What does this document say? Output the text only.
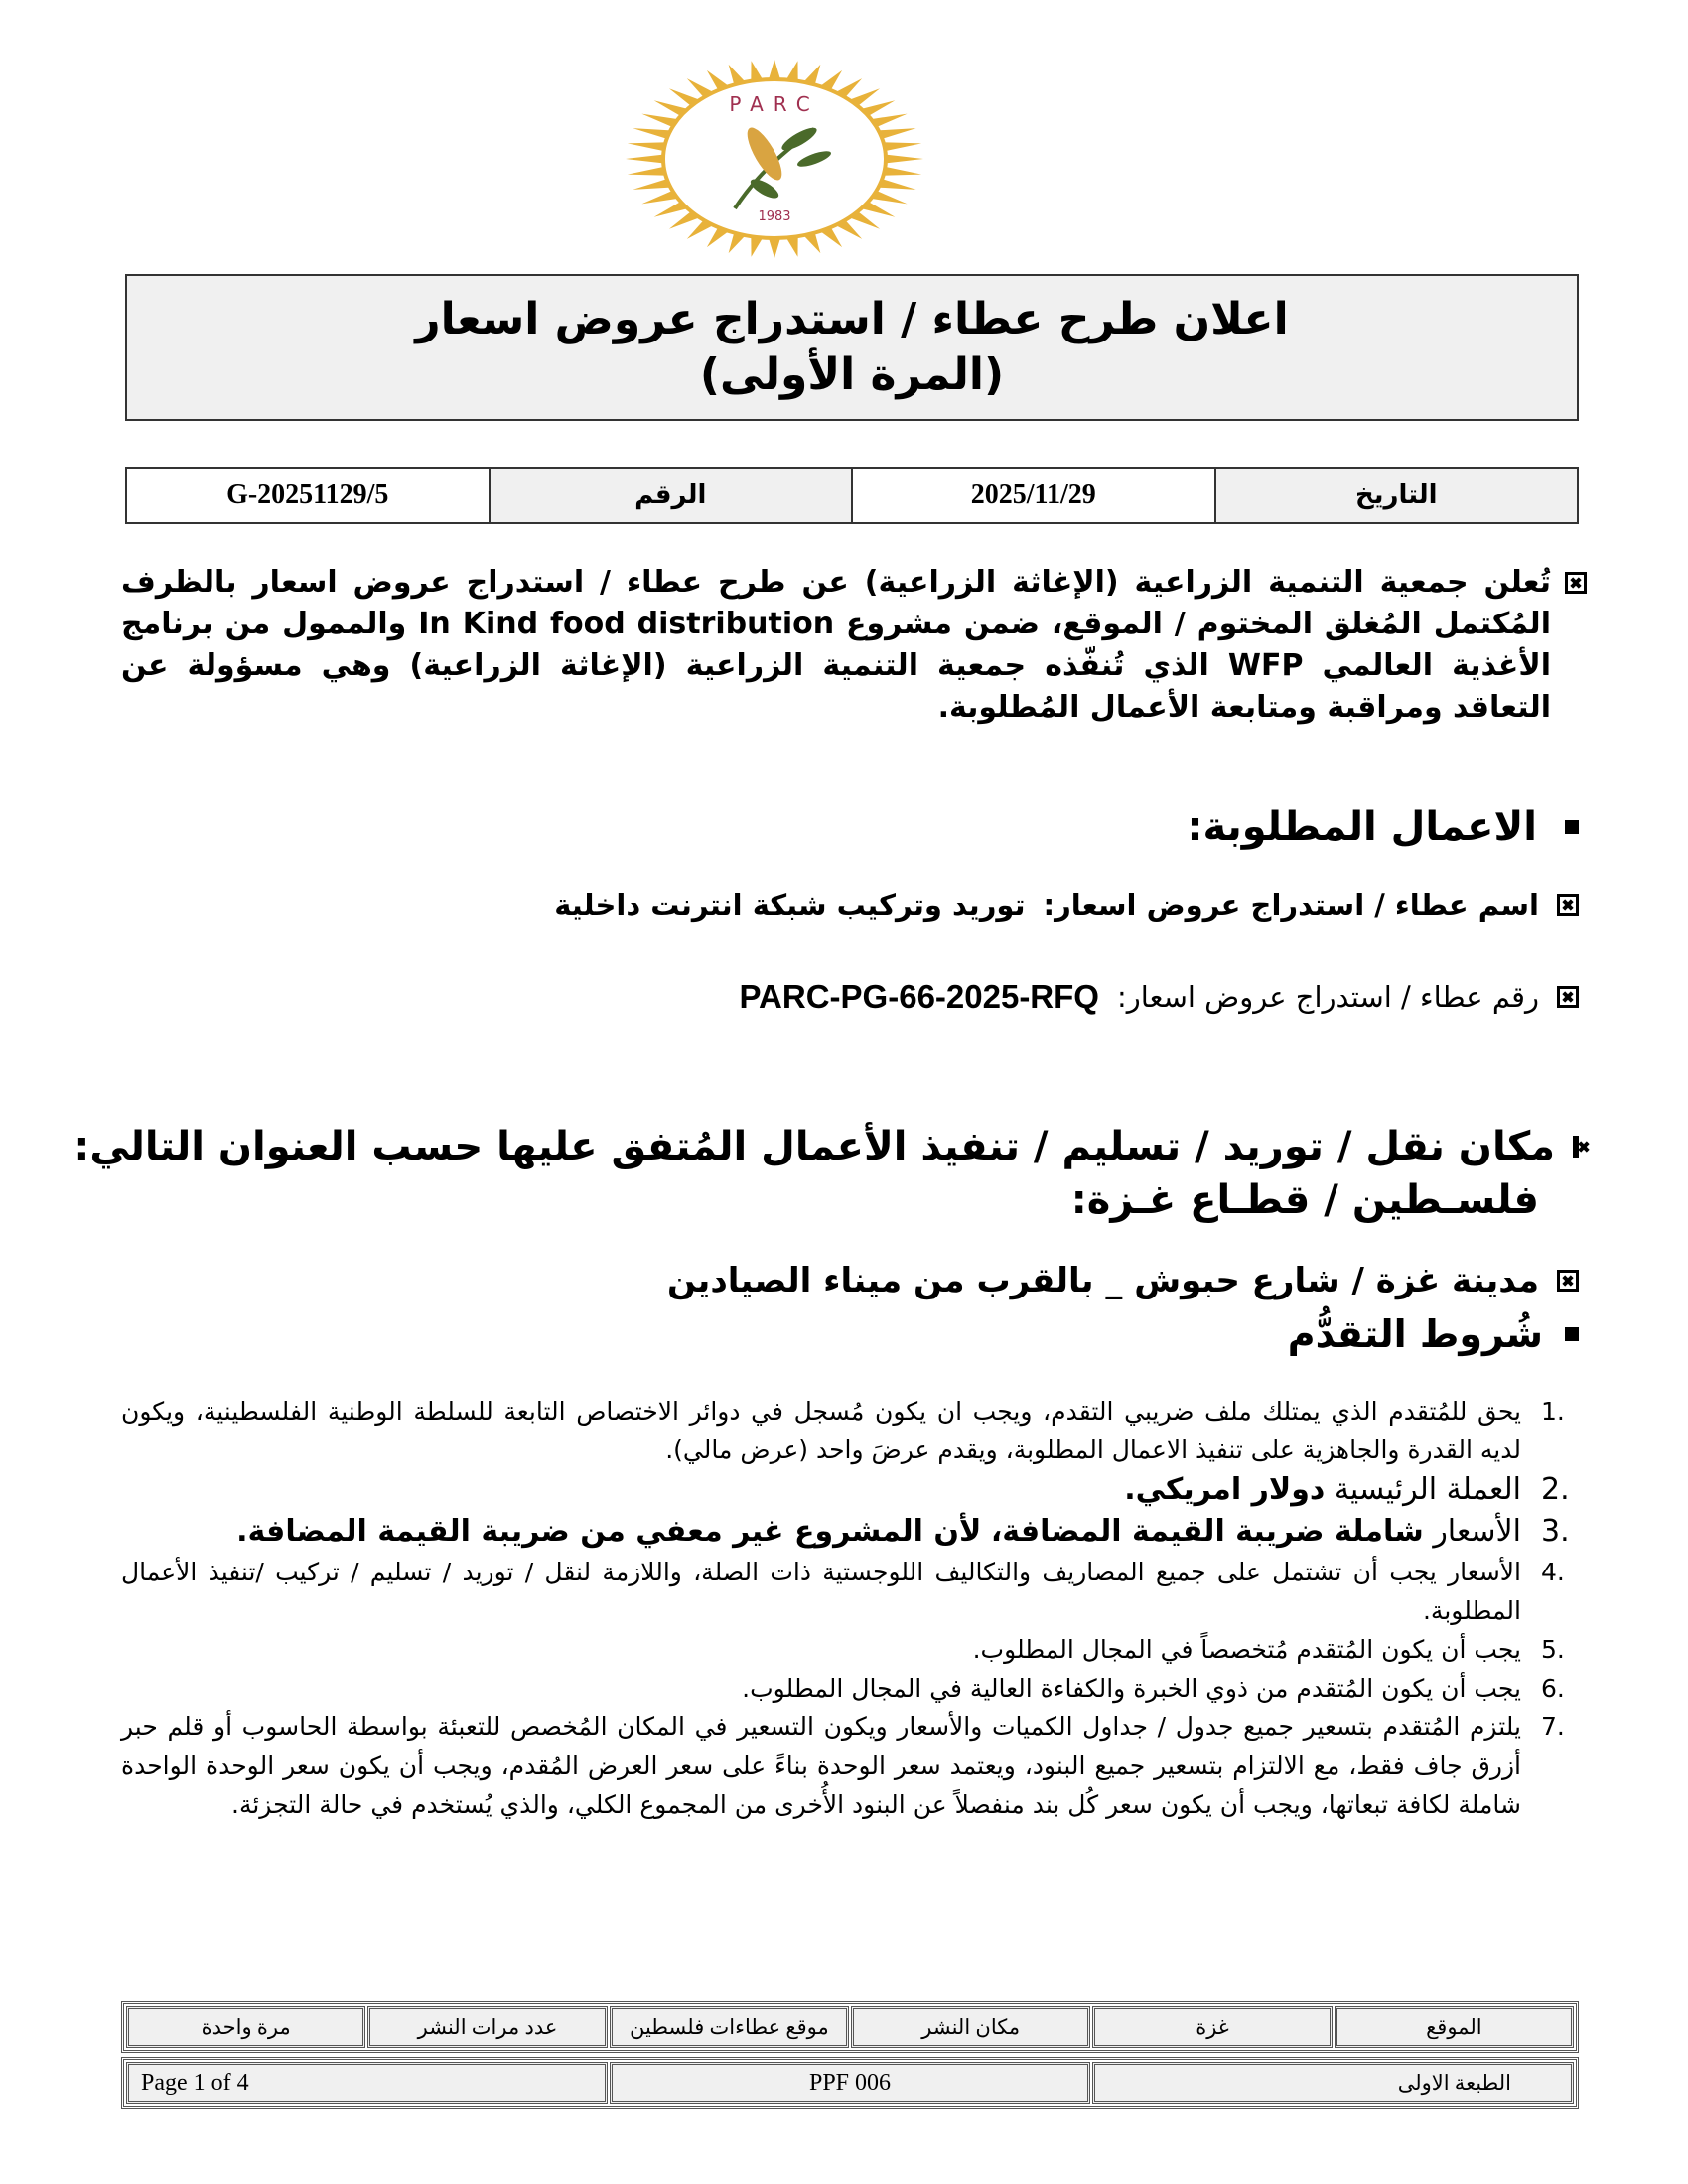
PARC
1983
اعلان طرح عطاء / استدراج عروض اسعار
(المرة الأولى)
التاريخ	2025/11/29	الرقم	G-20251129/5
تُعلن جمعية التنمية الزراعية (الإغاثة الزراعية) عن طرح عطاء / استدراج عروض اسعار بالظرف المُكتمل المُغلق المختوم / الموقع، ضمن مشروع In Kind food distribution والممول من برنامج الأغذية العالمي WFP الذي تُنفّذه جمعية التنمية الزراعية (الإغاثة الزراعية) وهي مسؤولة عن التعاقد ومراقبة ومتابعة الأعمال المُطلوبة.
الاعمال المطلوبة:
اسم عطاء / استدراج عروض اسعار:
توريد وتركيب شبكة انترنت داخلية
رقم عطاء / استدراج عروض اسعار:
PARC-PG-66-2025-RFQ
مكان نقل / توريد / تسليم / تنفيذ الأعمال المُتفق عليها حسب العنوان التالي:
فلسـطين / قطـاع غـزة:
مدينة غزة / شارع حبوش _ بالقرب من ميناء الصيادين
شُروط التقدُّم
1.
يحق للمُتقدم الذي يمتلك ملف ضريبي التقدم، ويجب ان يكون مُسجل في دوائر الاختصاص التابعة للسلطة الوطنية الفلسطينية، ويكون لديه القدرة والجاهزية على تنفيذ الاعمال المطلوبة، ويقدم عرضَ واحد (عرض مالي).
2.
العملة الرئيسية دولار امريكي.
3.
الأسعار شاملة ضريبة القيمة المضافة، لأن المشروع غير معفي من ضريبة القيمة المضافة.
4.
الأسعار يجب أن تشتمل على جميع المصاريف والتكاليف اللوجستية ذات الصلة، واللازمة لنقل / توريد / تسليم / تركيب /تنفيذ الأعمال المطلوبة.
5.
يجب أن يكون المُتقدم مُتخصصاً في المجال المطلوب.
6.
يجب أن يكون المُتقدم من ذوي الخبرة والكفاءة العالية في المجال المطلوب.
7.
يلتزم المُتقدم بتسعير جميع جدول / جداول الكميات والأسعار ويكون التسعير في المكان المُخصص للتعبئة بواسطة الحاسوب أو قلم حبر أزرق جاف فقط، مع الالتزام بتسعير جميع البنود، ويعتمد سعر الوحدة بناءً على سعر العرض المُقدم، ويجب أن يكون سعر الوحدة الواحدة شاملة لكافة تبعاتها، ويجب أن يكون سعر كُل بند منفصلاً عن البنود الأُخرى من المجموع الكلي، والذي يُستخدم في حالة التجزئة.
الموقع	غزة	مكان النشر	موقع عطاءات فلسطين	عدد مرات النشر	مرة واحدة
الطبعة الاولى	PPF 006	Page 1 of 4
